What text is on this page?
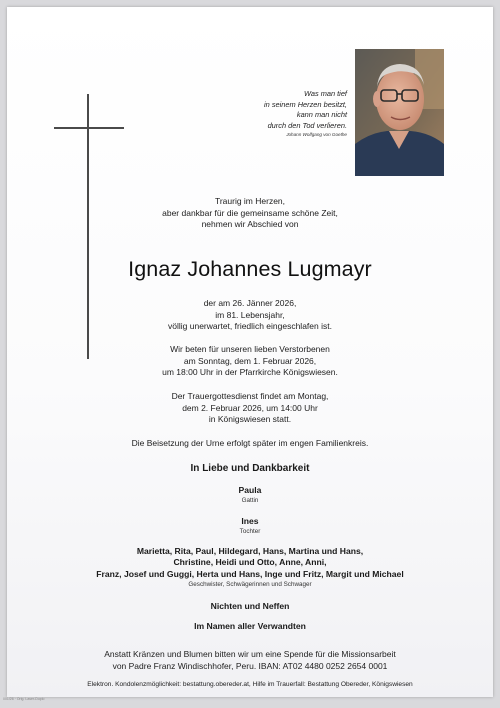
Was man tief
in seinem Herzen besitzt,
kann man nicht
durch den Tod verlieren.
Johann Wolfgang von Goethe
Traurig im Herzen,
aber dankbar für die gemeinsame schöne Zeit,
nehmen wir Abschied von
Ignaz Johannes Lugmayr
der am 26. Jänner 2026,
im 81. Lebensjahr,
völlig unerwartet, friedlich eingeschlafen ist.
Wir beten für unseren lieben Verstorbenen
am Sonntag, dem 1. Februar 2026,
um 18:00 Uhr in der Pfarrkirche Königswiesen.
Der Trauergottesdienst findet am Montag,
dem 2. Februar 2026, um 14:00 Uhr
in Königswiesen statt.
Die Beisetzung der Urne erfolgt später im engen Familienkreis.
In Liebe und Dankbarkeit
Paula
Gattin
Ines
Tochter
Marietta, Rita, Paul, Hildegard, Hans, Martina und Hans,
Christine, Heidi und Otto, Anne, Anni,
Franz, Josef und Guggi, Herta und Hans, Inge und Fritz, Margit und Michael
Geschwister, Schwägerinnen und Schwager
Nichten und Neffen
Im Namen aller Verwandten
Anstatt Kränzen und Blumen bitten wir um eine Spende für die Missionsarbeit
von Padre Franz Windischhofer, Peru. IBAN: AT02 4480 0252 2654 0001
Elektron. Kondolenzmöglichkeit: bestattung.obereder.at, Hilfe im Trauerfall: Bestattung Obereder, Königswiesen
001/26 · Orig. Laser-Duplo
